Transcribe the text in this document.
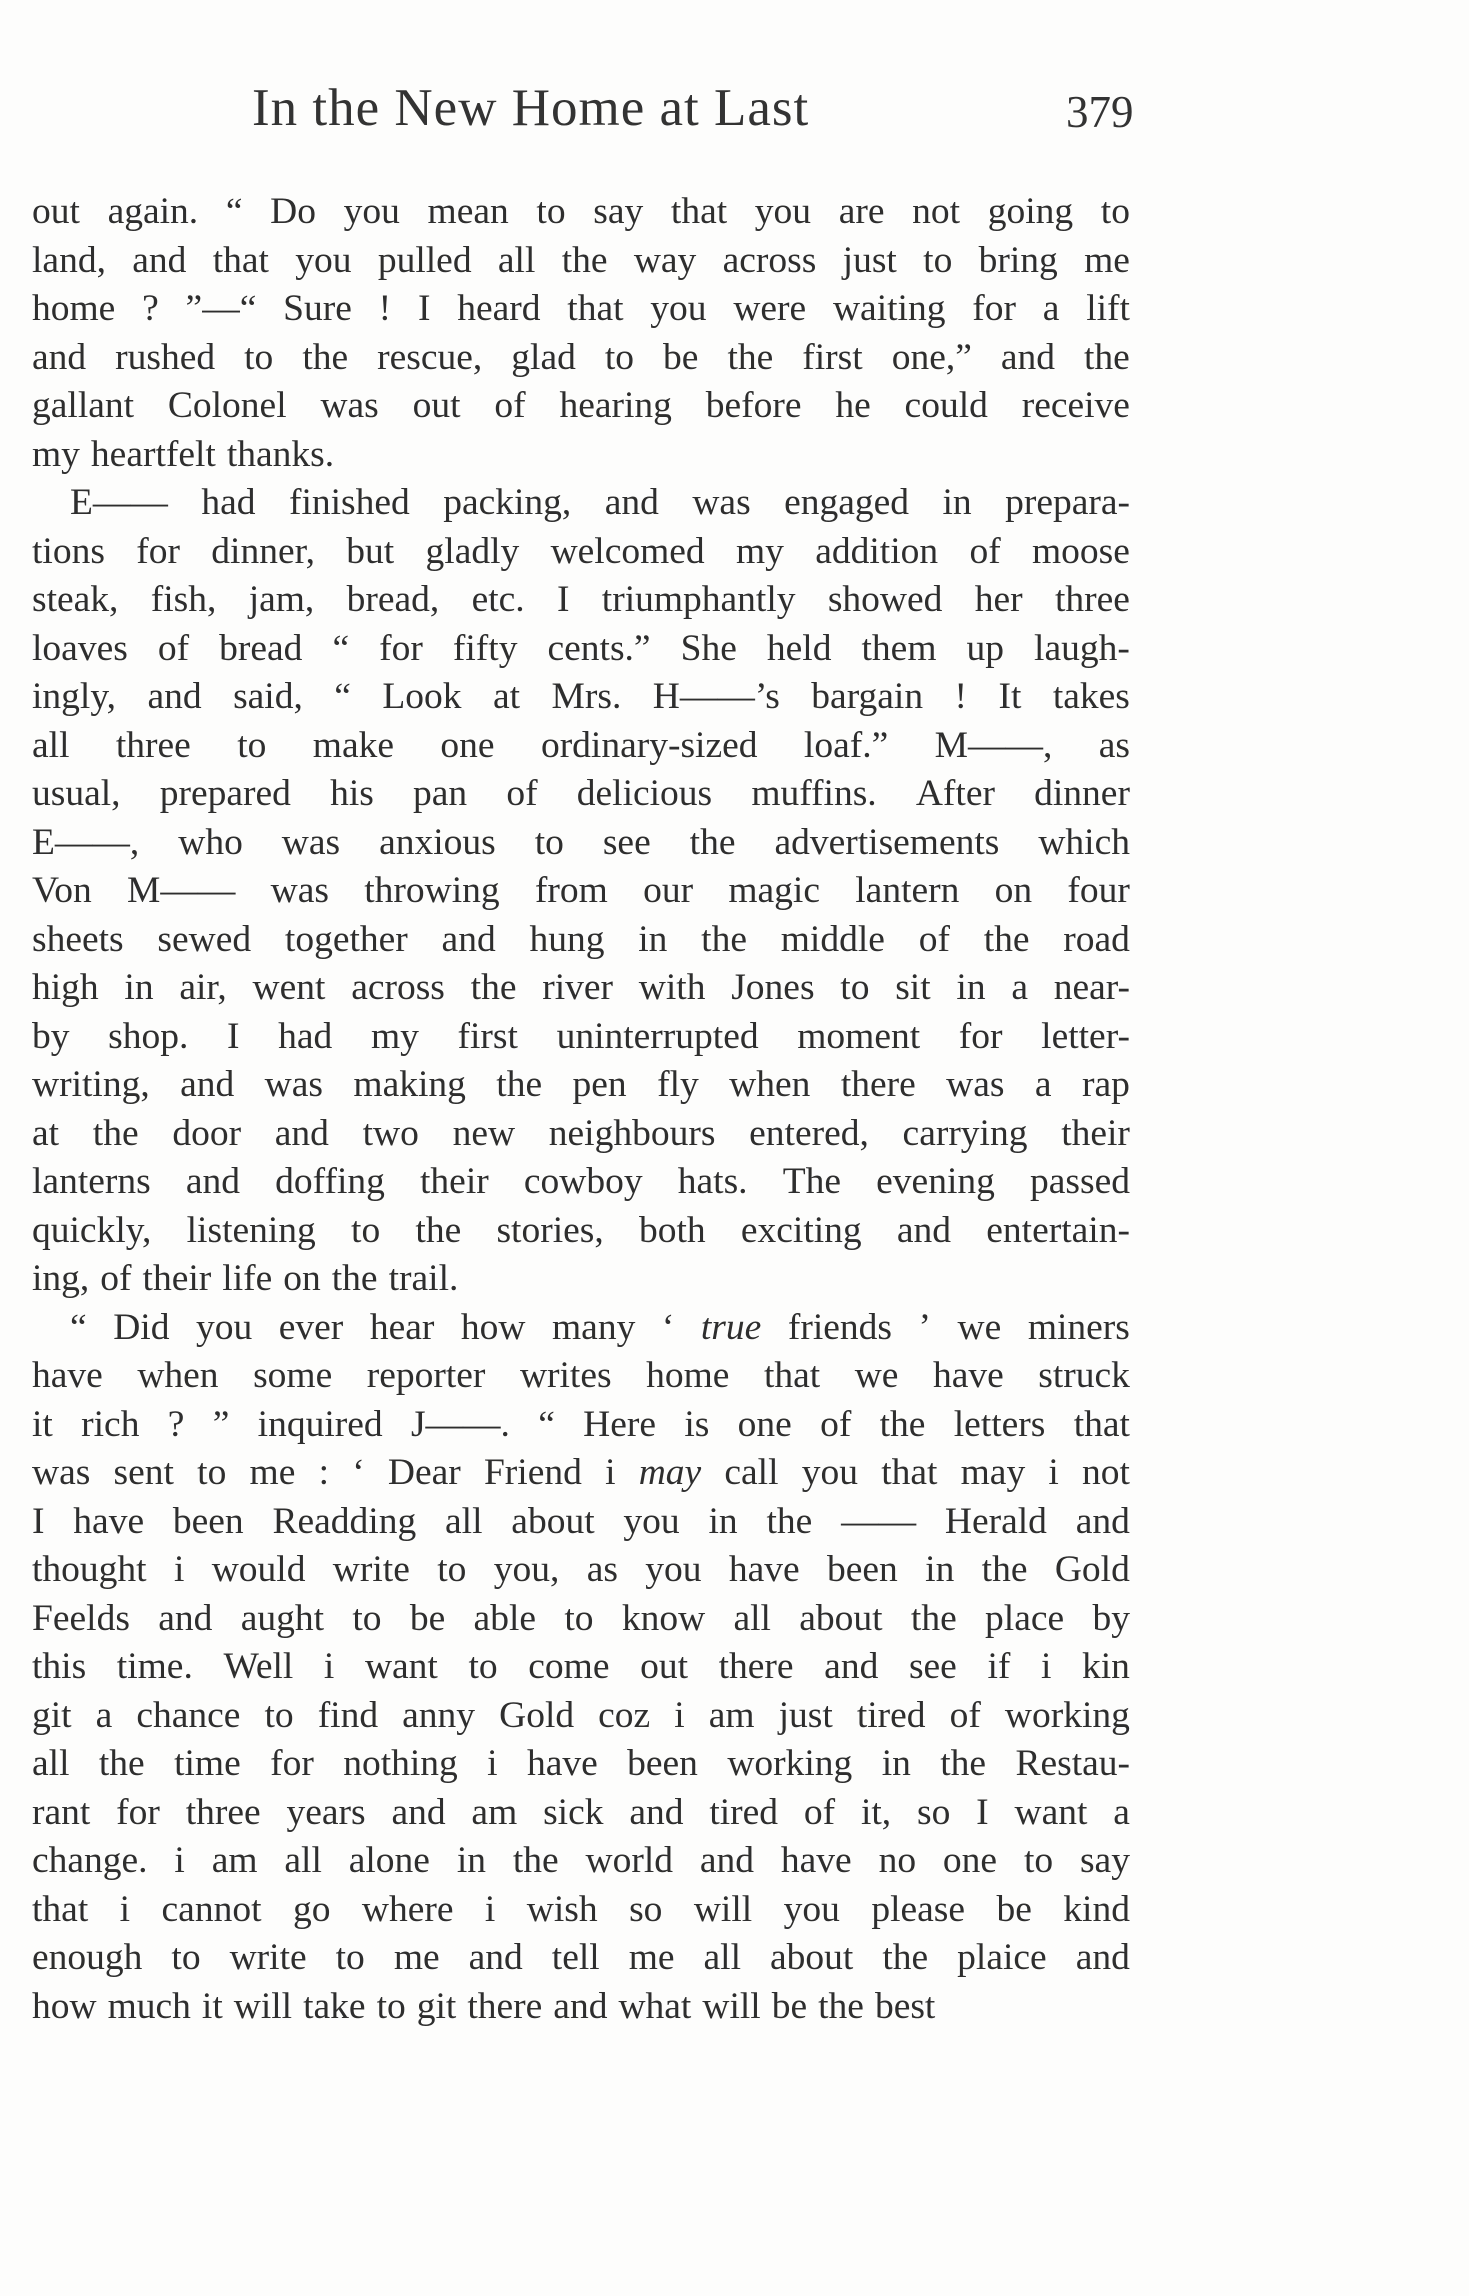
In the New Home at Last	379
out again. “ Do you mean to say that you are not going to
land, and that you pulled all the way across just to bring me
home ? ”—“ Sure ! I heard that you were waiting for a lift
and rushed to the rescue, glad to be the first one,” and the
gallant Colonel was out of hearing before he could receive
my heartfelt thanks.
E—— had finished packing, and was engaged in prepara-
tions for dinner, but gladly welcomed my addition of moose
steak, fish, jam, bread, etc. I triumphantly showed her three
loaves of bread “ for fifty cents.” She held them up laugh-
ingly, and said, “ Look at Mrs. H——’s bargain ! It takes
all three to make one ordinary-sized loaf.” M——, as
usual, prepared his pan of delicious muffins. After dinner
E——, who was anxious to see the advertisements which
Von M—— was throwing from our magic lantern on four
sheets sewed together and hung in the middle of the road
high in air, went across the river with Jones to sit in a near-
by shop. I had my first uninterrupted moment for letter-
writing, and was making the pen fly when there was a rap
at the door and two new neighbours entered, carrying their
lanterns and doffing their cowboy hats. The evening passed
quickly, listening to the stories, both exciting and entertain-
ing, of their life on the trail.
“ Did you ever hear how many ‘ true friends ’ we miners
have when some reporter writes home that we have struck
it rich ? ” inquired J——. “ Here is one of the letters that
was sent to me : ‘ Dear Friend i may call you that may i not
I have been Readding all about you in the —— Herald and
thought i would write to you, as you have been in the Gold
Feelds and aught to be able to know all about the place by
this time. Well i want to come out there and see if i kin
git a chance to find anny Gold coz i am just tired of working
all the time for nothing i have been working in the Restau-
rant for three years and am sick and tired of it, so I want a
change. i am all alone in the world and have no one to say
that i cannot go where i wish so will you please be kind
enough to write to me and tell me all about the plaice and
how much it will take to git there and what will be the best
